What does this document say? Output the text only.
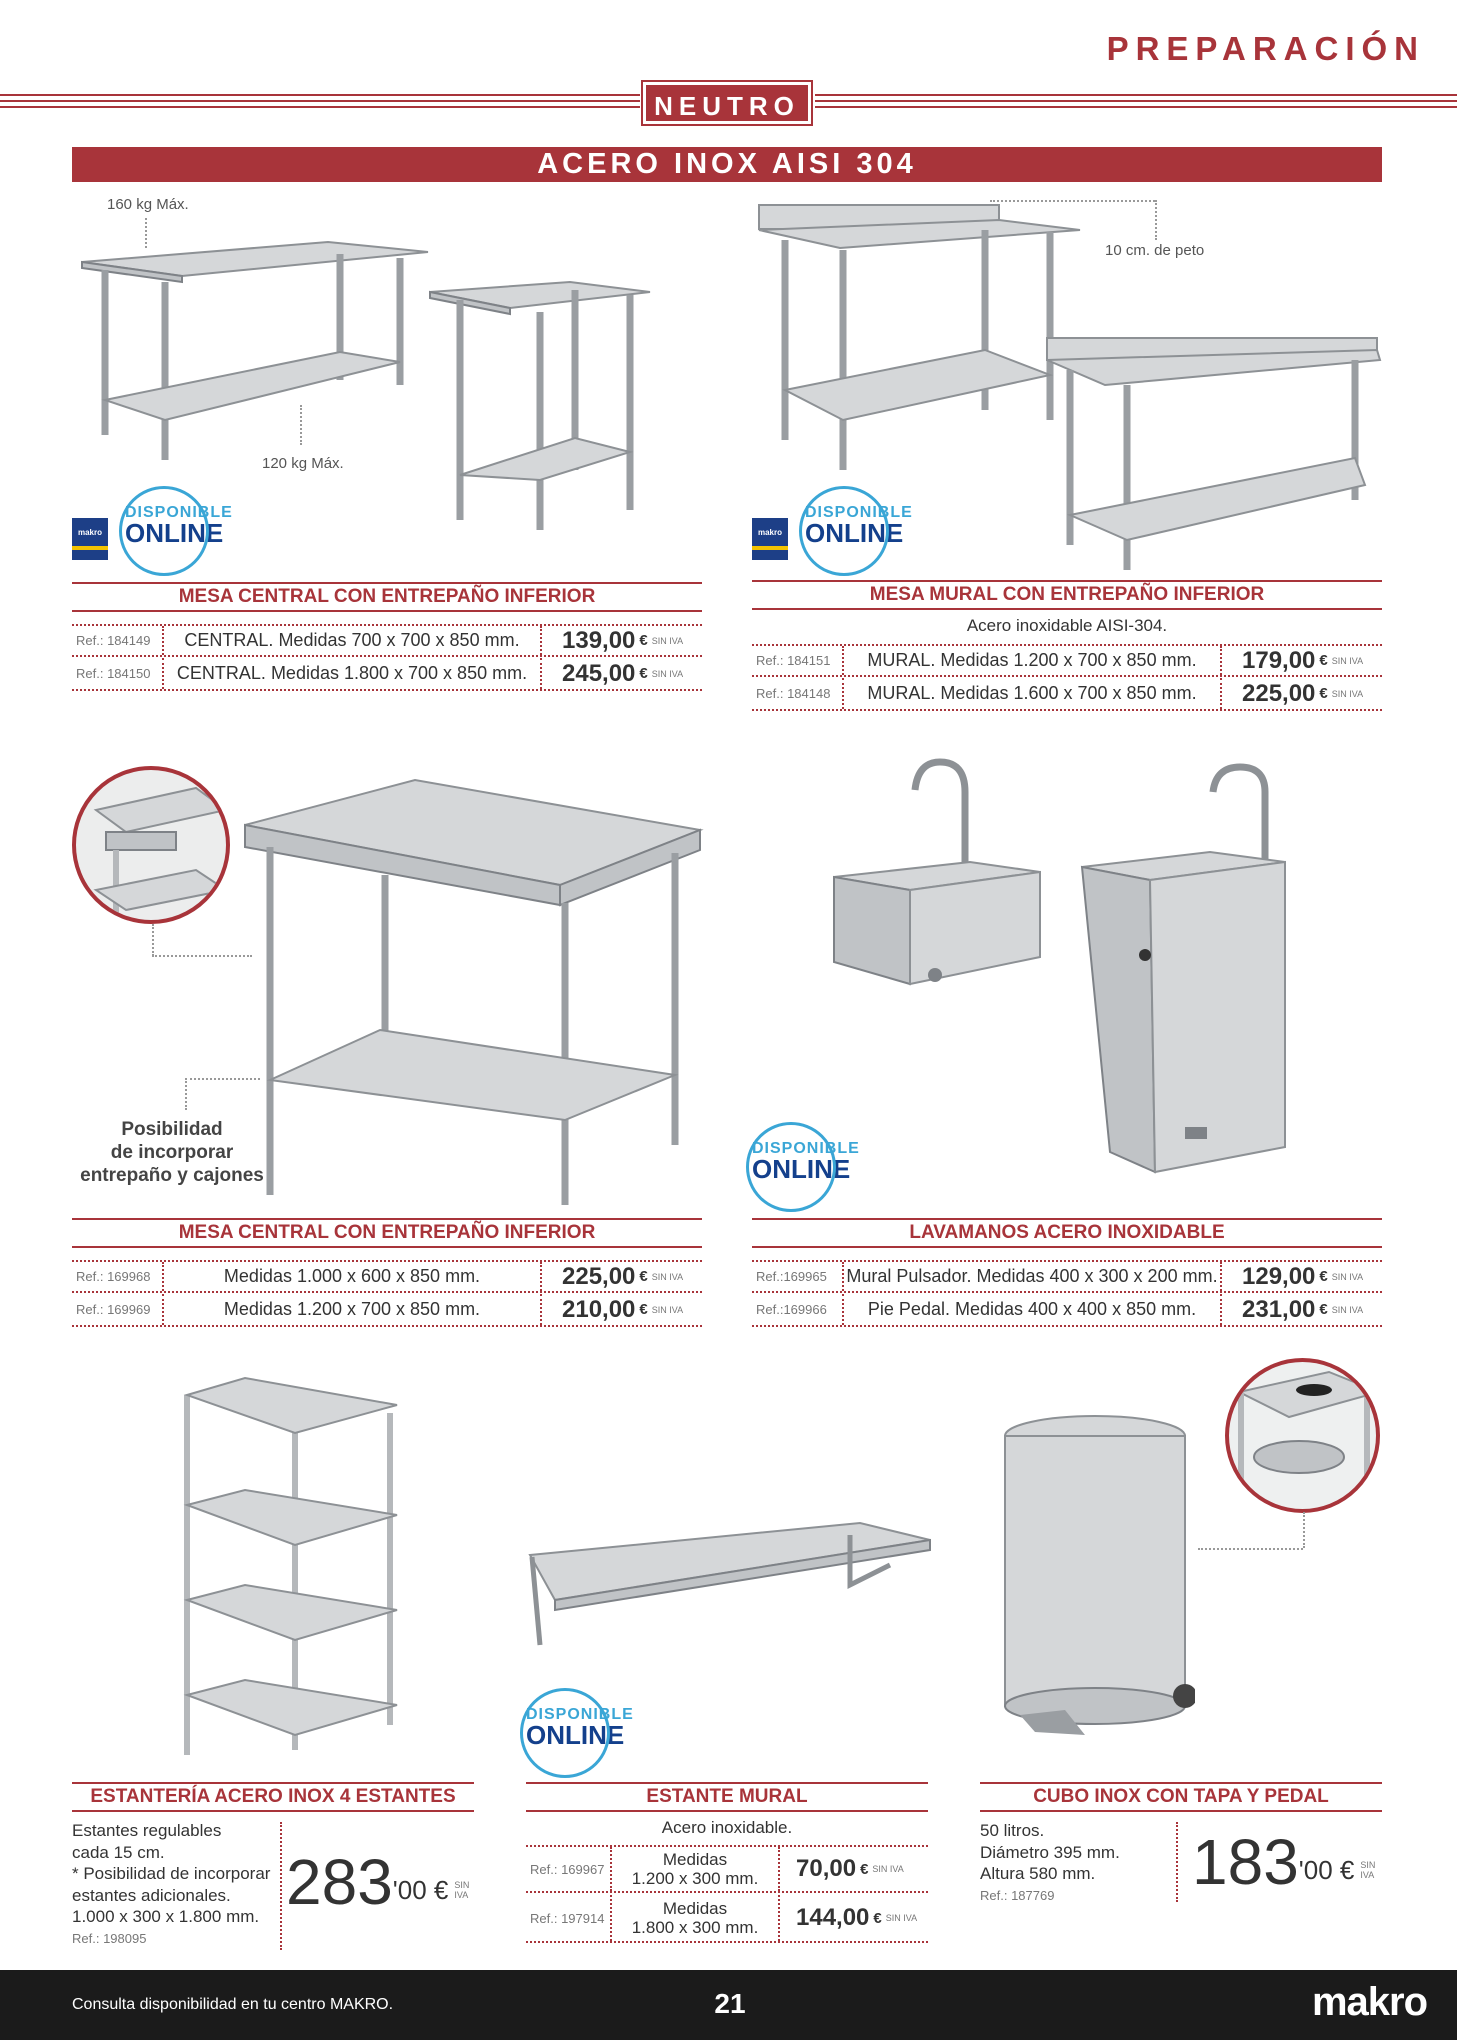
PREPARACIÓN
NEUTRO
ACERO INOX AISI 304
160 kg Máx.
120 kg Máx.
makro
DISPONIBLE
ONLINE
MESA CENTRAL CON ENTREPAÑO INFERIOR
Ref.: 184149	CENTRAL. Medidas 700 x 700 x 850 mm.	139,00 € SIN IVA
Ref.: 184150	CENTRAL. Medidas 1.800 x 700 x 850 mm.	245,00 € SIN IVA
10 cm. de peto
makro
DISPONIBLE
ONLINE
MESA MURAL CON ENTREPAÑO INFERIOR
Acero inoxidable AISI-304.
Ref.: 184151	MURAL. Medidas 1.200 x 700 x 850 mm.	179,00 € SIN IVA
Ref.: 184148	MURAL. Medidas 1.600 x 700 x 850 mm.	225,00 € SIN IVA
Posibilidad
de incorporar
entrepaño y cajones
MESA CENTRAL CON ENTREPAÑO INFERIOR
Ref.: 169968	Medidas 1.000 x 600 x 850 mm.	225,00 € SIN IVA
Ref.: 169969	Medidas 1.200 x 700 x 850 mm.	210,00 € SIN IVA
DISPONIBLE
ONLINE
LAVAMANOS ACERO INOXIDABLE
Ref.:169965	Mural Pulsador. Medidas 400 x 300 x 200 mm. 129,00 € SIN IVA
Ref.:169966	Pie Pedal. Medidas 400 x 400 x 850 mm.	231,00 € SIN IVA
ESTANTERÍA ACERO INOX 4 ESTANTES
Estantes regulables
cada 15 cm.
* Posibilidad de incorporar
estantes adicionales.
1.000 x 300 x 1.800 mm.
Ref.: 198095
283 '00 € SIN
IVA
DISPONIBLE
ONLINE
ESTANTE MURAL
Acero inoxidable.
Ref.: 169967	Medidas
1.200 x 300 mm. 70,00 € SIN IVA
Ref.: 197914	Medidas
1.800 x 300 mm. 144,00 € SIN IVA
CUBO INOX CON TAPA Y PEDAL
50 litros.
Diámetro 395 mm.
Altura 580 mm.
Ref.: 187769	183 '00 € SIN
IVA
Consulta disponibilidad en tu centro MAKRO.	21	makro
